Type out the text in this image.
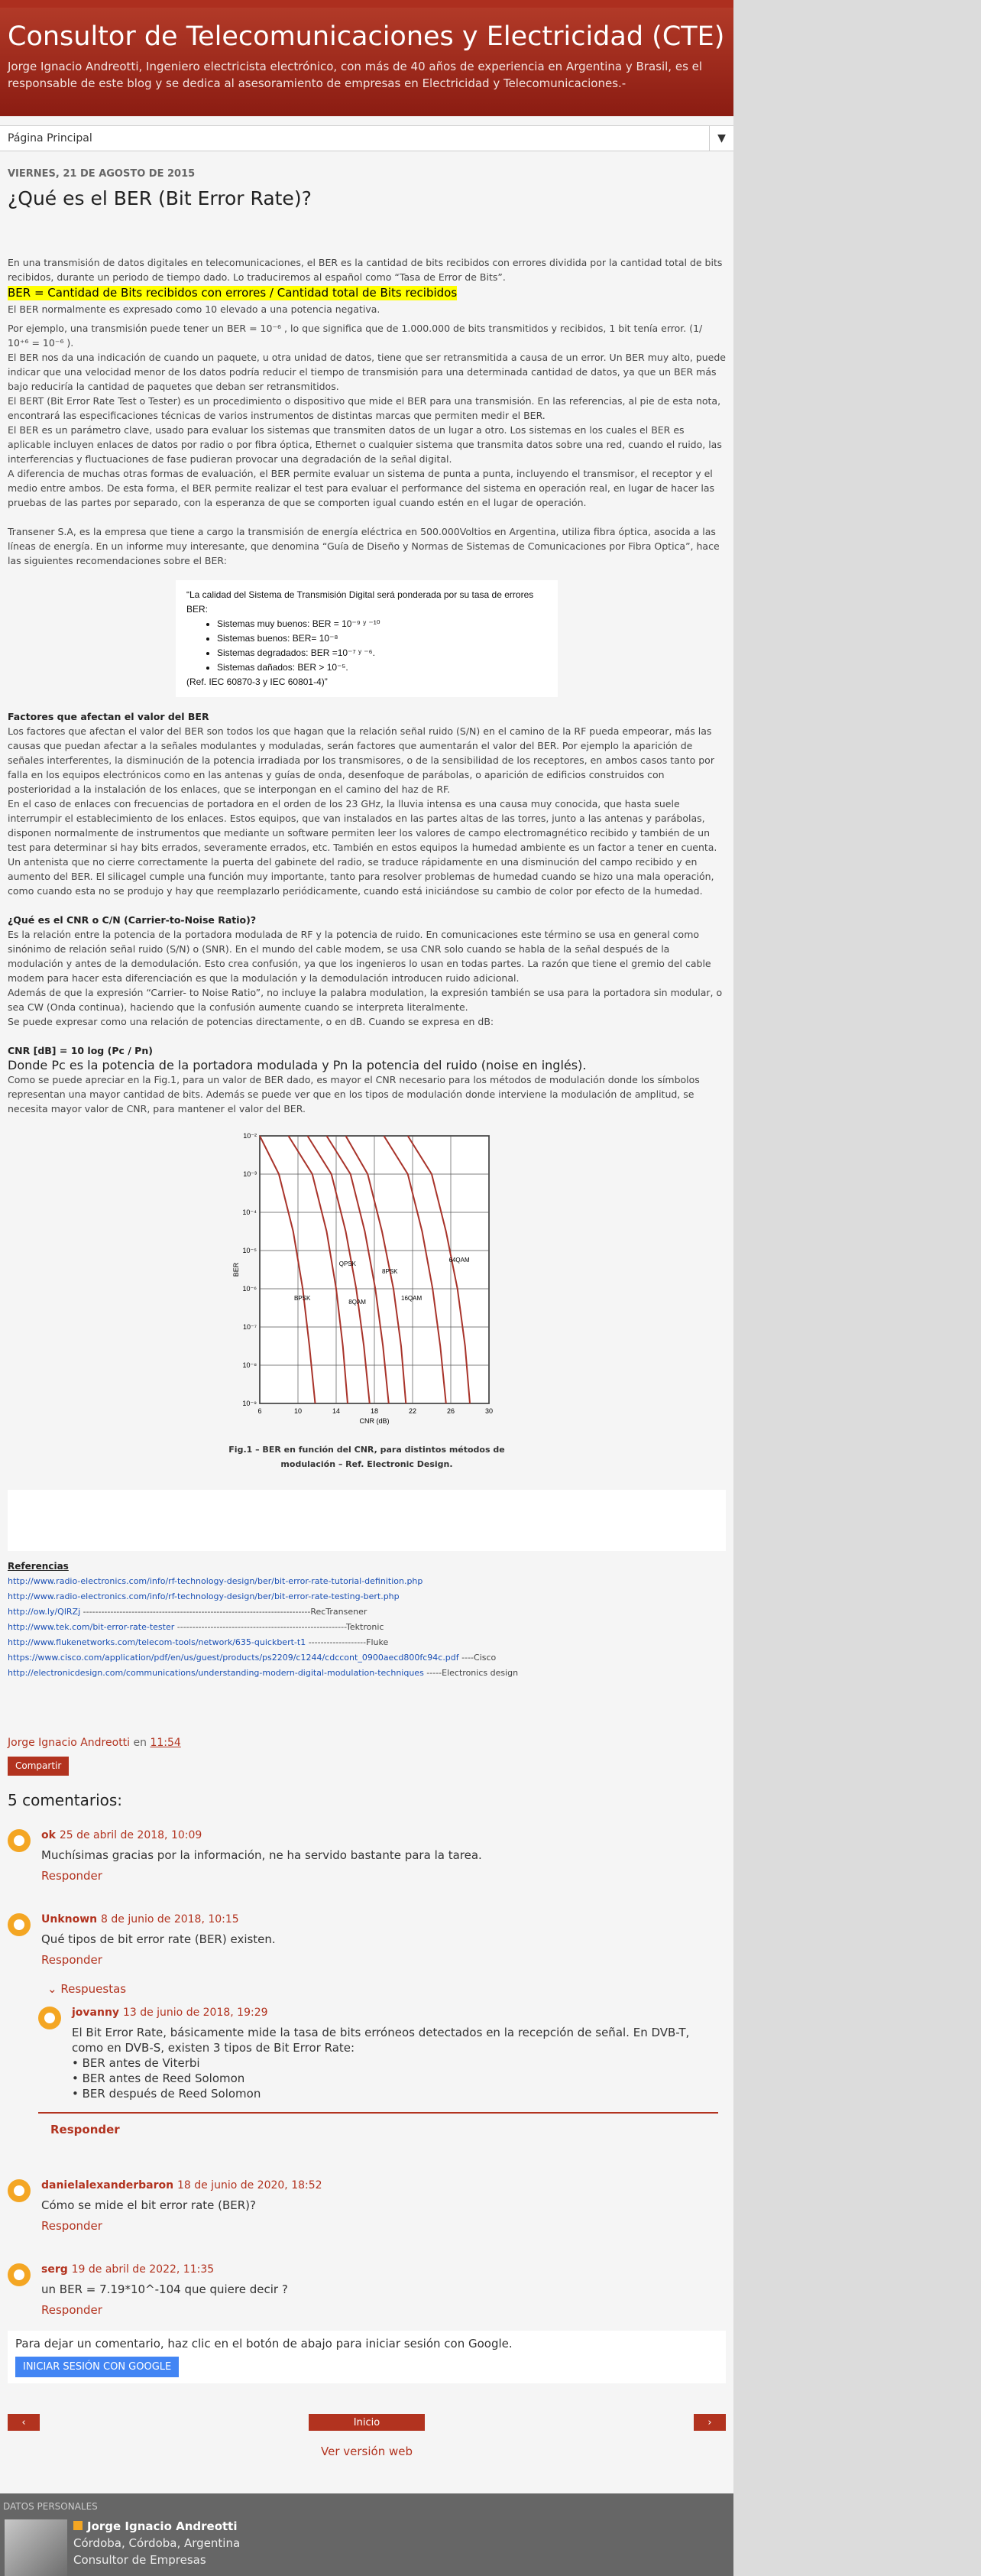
Consultor de Telecomunicaciones y Electricidad (CTE)

Jorge Ignacio Andreotti, Ingeniero electricista electrónico, con más de 40 años de experiencia en Argentina y Brasil, es el responsable de este blog y se dedica al asesoramiento de empresas en Electricidad y Telecomunicaciones.-

Página Principal	▼
VIERNES, 21 DE AGOSTO DE 2015
¿Qué es el BER (Bit Error Rate)?

En una transmisión de datos digitales en telecomunicaciones, el BER es la cantidad de bits recibidos con errores dividida por la cantidad total de bits recibidos, durante un periodo de tiempo dado. Lo traduciremos al español como “Tasa de Error de Bits”.

BER = Cantidad de Bits recibidos con errores / Cantidad total de Bits recibidos

El BER normalmente es expresado como 10 elevado a una potencia negativa.

Por ejemplo, una transmisión puede tener un BER = 10⁻⁶ , lo que significa que de 1.000.000 de bits transmitidos y recibidos, 1 bit tenía error. (1/ 10⁺⁶ = 10⁻⁶ ).

El BER nos da una indicación de cuando un paquete, u otra unidad de datos, tiene que ser retransmitida a causa de un error. Un BER muy alto, puede indicar que una velocidad menor de los datos podría reducir el tiempo de transmisión para una determinada cantidad de datos, ya que un BER más bajo reduciría la cantidad de paquetes que deban ser retransmitidos.

El BERT (Bit Error Rate Test o Tester) es un procedimiento o dispositivo que mide el BER para una transmisión. En las referencias, al pie de esta nota, encontrará las especificaciones técnicas de varios instrumentos de distintas marcas que permiten medir el BER.

El BER es un parámetro clave, usado para evaluar los sistemas que transmiten datos de un lugar a otro. Los sistemas en los cuales el BER es aplicable incluyen enlaces de datos por radio o por fibra óptica, Ethernet o cualquier sistema que transmita datos sobre una red, cuando el ruido, las interferencias y fluctuaciones de fase pudieran provocar una degradación de la señal digital.

A diferencia de muchas otras formas de evaluación, el BER permite evaluar un sistema de punta a punta, incluyendo el transmisor, el receptor y el medio entre ambos. De esta forma, el BER permite realizar el test para evaluar el performance del sistema en operación real, en lugar de hacer las pruebas de las partes por separado, con la esperanza de que se comporten igual cuando estén en el lugar de operación.

Transener S.A, es la empresa que tiene a cargo la transmisión de energía eléctrica en 500.000Voltios en Argentina, utiliza fibra óptica, asocida a las líneas de energía. En un informe muy interesante, que denomina “Guía de Diseño y Normas de Sistemas de Comunicaciones por Fibra Optica”, hace las siguientes recomendaciones sobre el BER:

“La calidad del Sistema de Transmisión Digital será ponderada por su tasa de errores BER:
• Sistemas muy buenos: BER = 10⁻⁹ ʸ ⁻¹⁰
• Sistemas buenos: BER= 10⁻⁸
• Sistemas degradados: BER =10⁻⁷ ʸ ⁻⁶.
• Sistemas dañados: BER > 10⁻⁵.
(Ref. IEC 60870-3 y IEC 60801-4)”

Factores que afectan el valor del BER

Los factores que afectan el valor del BER son todos los que hagan que la relación señal ruido (S/N) en el camino de la RF pueda empeorar, más las causas que puedan afectar a la señales modulantes y moduladas, serán factores que aumentarán el valor del BER. Por ejemplo la aparición de señales interferentes, la disminución de la potencia irradiada por los transmisores, o de la sensibilidad de los receptores, en ambos casos tanto por falla en los equipos electrónicos como en las antenas y guías de onda, desenfoque de parábolas, o aparición de edificios construidos con posterioridad a la instalación de los enlaces, que se interpongan en el camino del haz de RF.

En el caso de enlaces con frecuencias de portadora en el orden de los 23 GHz, la lluvia intensa es una causa muy conocida, que hasta suele interrumpir el establecimiento de los enlaces. Estos equipos, que van instalados en las partes altas de las torres, junto a las antenas y parábolas, disponen normalmente de instrumentos que mediante un software permiten leer los valores de campo electromagnético recibido y también de un test para determinar si hay bits errados, severamente errados, etc. También en estos equipos la humedad ambiente es un factor a tener en cuenta. Un antenista que no cierre correctamente la puerta del gabinete del radio, se traduce rápidamente en una disminución del campo recibido y en aumento del BER. El silicagel cumple una función muy importante, tanto para resolver problemas de humedad cuando se hizo una mala operación, como cuando esta no se produjo y hay que reemplazarlo periódicamente, cuando está iniciándose su cambio de color por efecto de la humedad.

¿Qué es el CNR o C/N (Carrier-to-Noise Ratio)?

Es la relación entre la potencia de la portadora modulada de RF y la potencia de ruido. En comunicaciones este término se usa en general como sinónimo de relación señal ruido (S/N) o (SNR). En el mundo del cable modem, se usa CNR solo cuando se habla de la señal después de la modulación y antes de la demodulación. Esto crea confusión, ya que los ingenieros lo usan en todas partes. La razón que tiene el gremio del cable modem para hacer esta diferenciación es que la modulación y la demodulación introducen ruido adicional.

Además de que la expresión “Carrier- to Noise Ratio”, no incluye la palabra modulation, la expresión también se usa para la portadora sin modular, o sea CW (Onda continua), haciendo que la confusión aumente cuando se interpreta literalmente.

Se puede expresar como una relación de potencias directamente, o en dB. Cuando se expresa en dB:

CNR [dB] = 10 log (Pc / Pn)

Donde Pc es la potencia de la portadora modulada y Pn la potencia del ruido (noise en inglés).

Como se puede apreciar en la Fig.1, para un valor de BER dado, es mayor el CNR necesario para los métodos de modulación donde los símbolos representan una mayor cantidad de bits. Además se puede ver que en los tipos de modulación donde interviene la modulación de amplitud, se necesita mayor valor de CNR, para mantener el valor del BER.

6	10	14	18	22	26	30
10⁻²
10⁻³
10⁻⁴
10⁻⁵
10⁻⁶
10⁻⁷
10⁻⁸
10⁻⁹
CNR (dB)
BER	QPSK
8PSK
64QAM
BPSK
8QAM
16QAM
Fig.1 – BER en función del CNR, para distintos métodos de modulación – Ref. Electronic Design.
Referencias
http://www.radio-electronics.com/info/rf-technology-design/ber/bit-error-rate-tutorial-definition.php
http://www.radio-electronics.com/info/rf-technology-design/ber/bit-error-rate-testing-bert.php
http://ow.ly/QlRZj ---------------------------------------------------------------------------RecTransener
http://www.tek.com/bit-error-rate-tester --------------------------------------------------------Tektronic
http://www.flukenetworks.com/telecom-tools/network/635-quickbert-t1 -------------------Fluke
https://www.cisco.com/application/pdf/en/us/guest/products/ps2209/c1244/cdccont_0900aecd800fc94c.pdf ----Cisco
http://electronicdesign.com/communications/understanding-modern-digital-modulation-techniques -----Electronics design
Jorge Ignacio Andreotti en 11:54
Compartir
5 comentarios:
ok 25 de abril de 2018, 10:09
Muchísimas gracias por la información, ne ha servido bastante para la tarea.
Responder
Unknown 8 de junio de 2018, 10:15
Qué tipos de bit error rate (BER) existen.
Responder
⌄ Respuestas
jovanny 13 de junio de 2018, 19:29
El Bit Error Rate, básicamente mide la tasa de bits erróneos detectados en la recepción de señal. En DVB-T, como en DVB-S, existen 3 tipos de Bit Error Rate:
• BER antes de Viterbi
• BER antes de Reed Solomon
• BER después de Reed Solomon
Responder
danielalexanderbaron 18 de junio de 2020, 18:52
Cómo se mide el bit error rate (BER)?
Responder
serg 19 de abril de 2022, 11:35
un BER = 7.19*10^-104 que quiere decir ?
Responder
Para dejar un comentario, haz clic en el botón de abajo para iniciar sesión con Google.
INICIAR SESIÓN CON GOOGLE
‹	Inicio	›
Ver versión web
DATOS PERSONALES
Jorge Ignacio Andreotti
Córdoba, Córdoba, Argentina
Consultor de Empresas
